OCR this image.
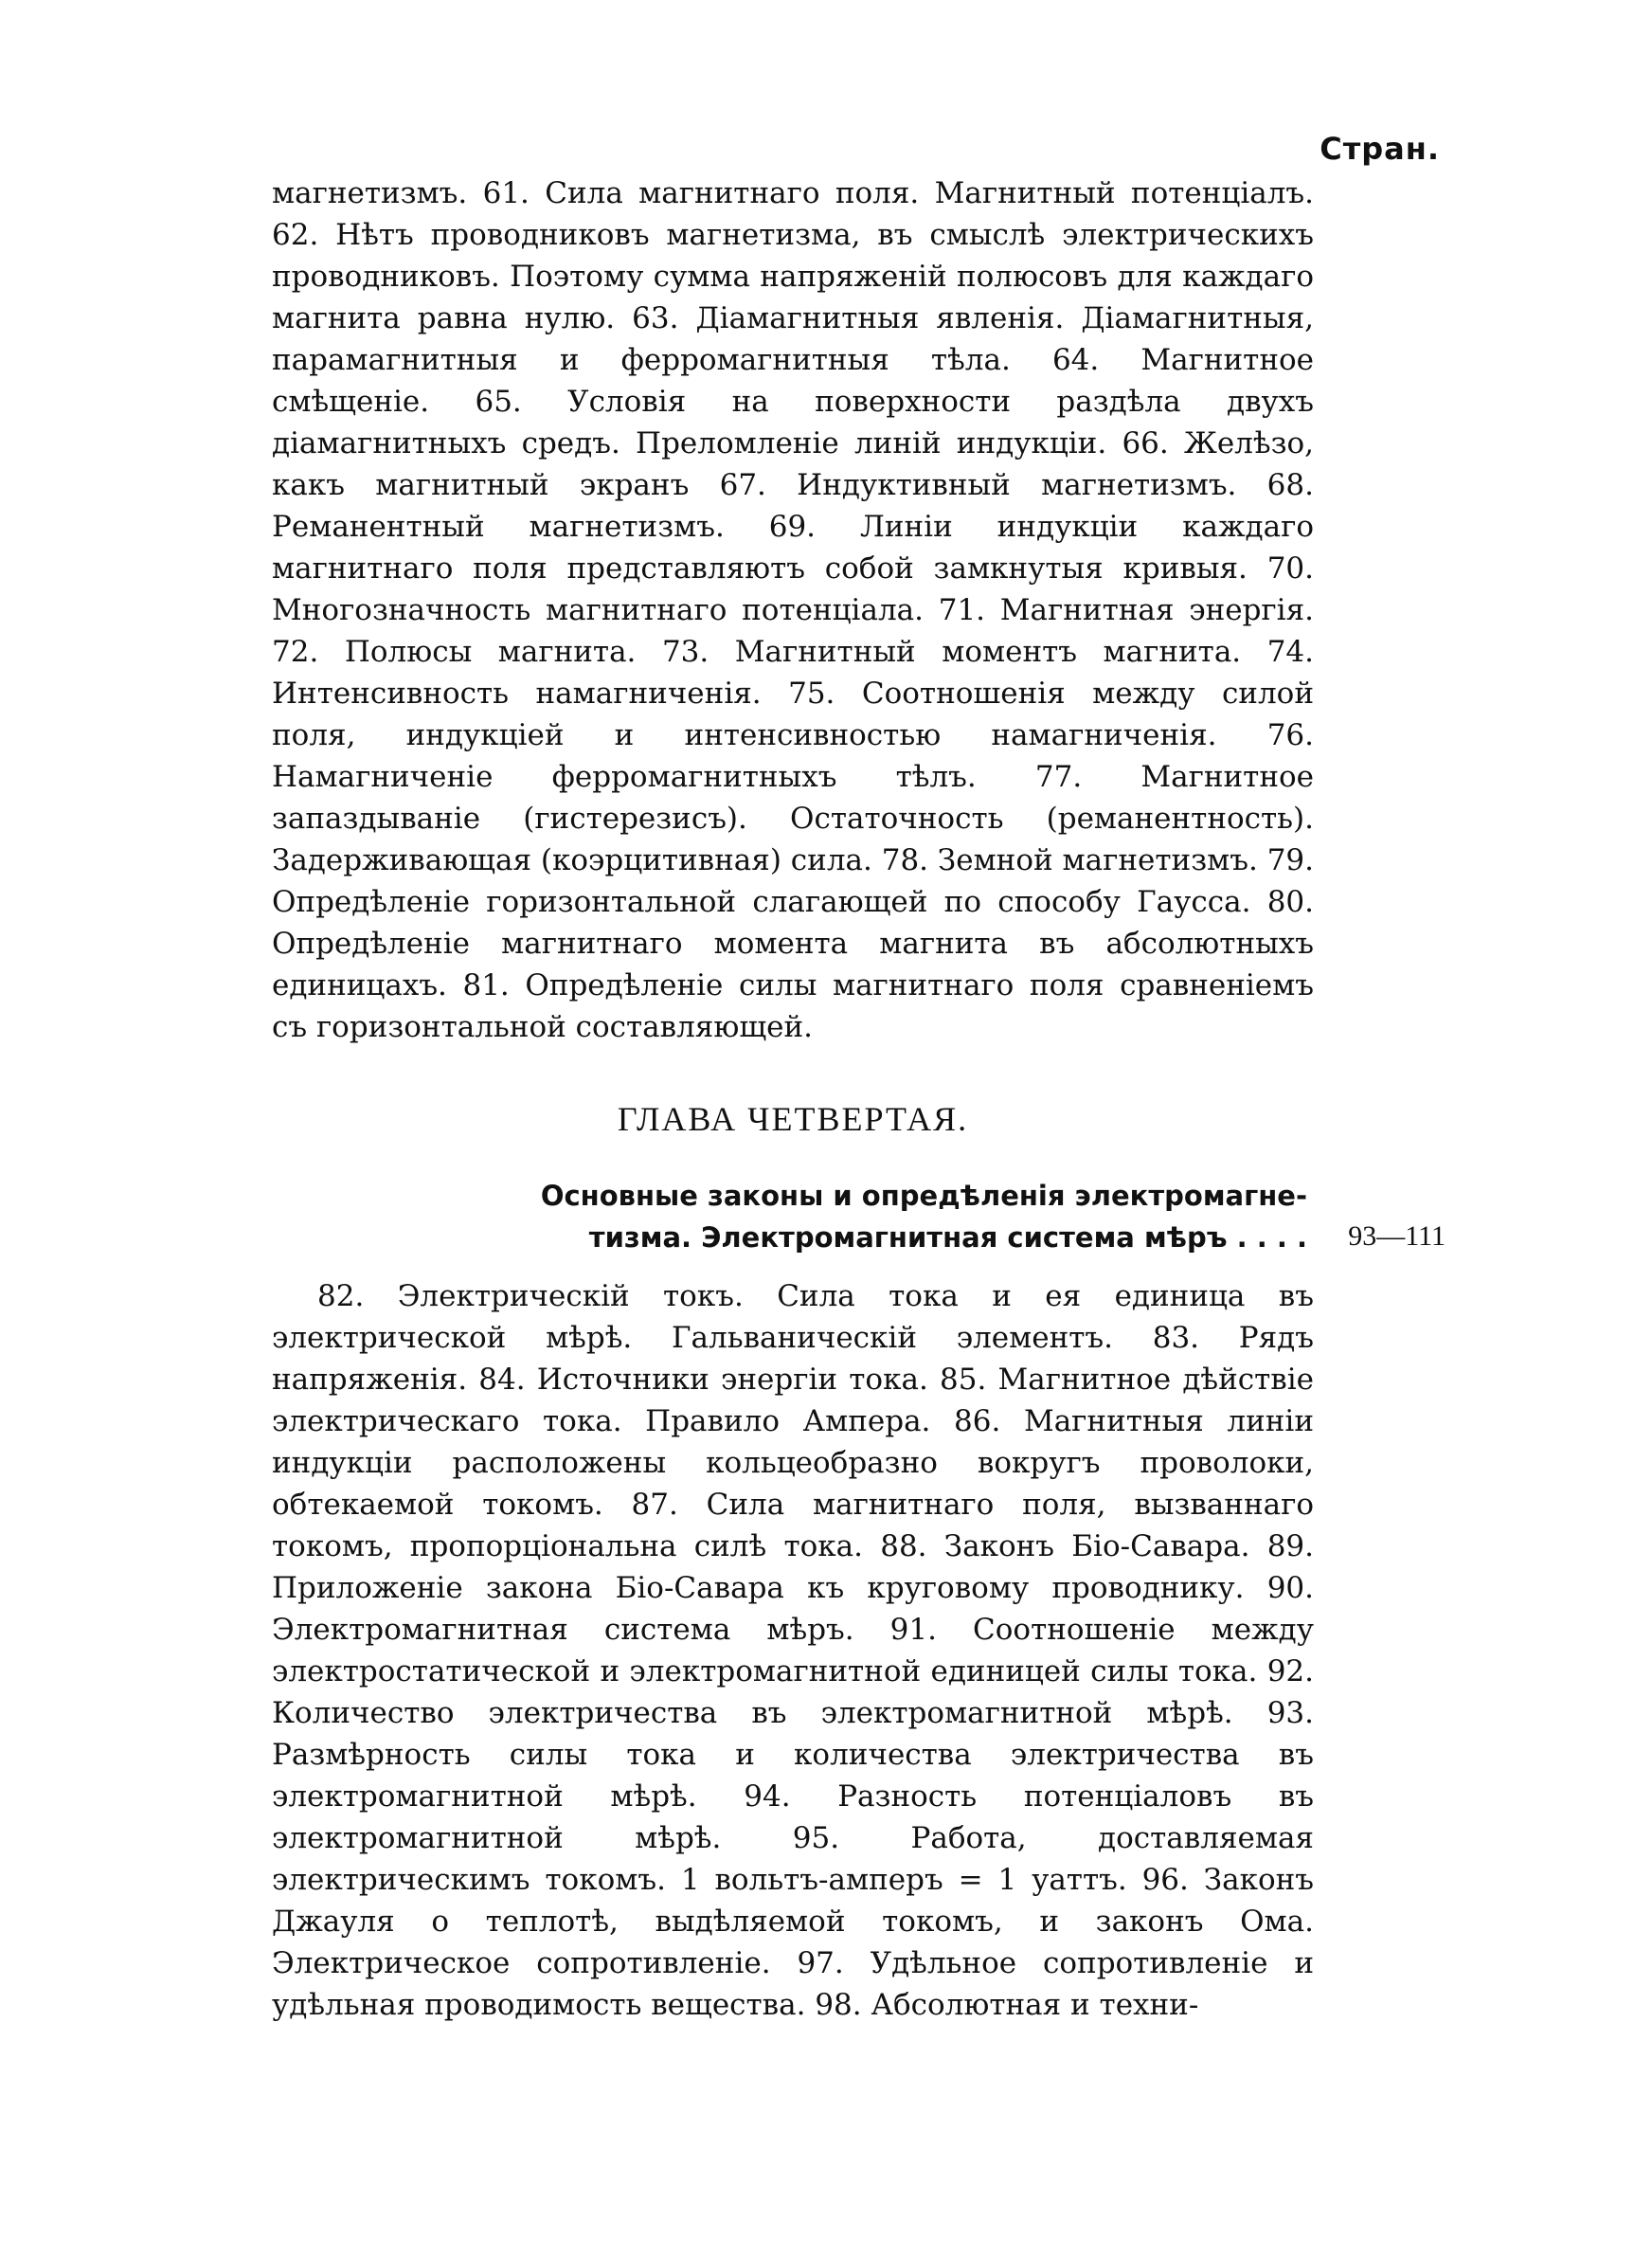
Стран.

магнетизмъ. 61. Сила магнитнаго поля. Магнитный потенціалъ. 62. Нѣтъ проводниковъ магнетизма, въ смыслѣ электрическихъ проводниковъ. Поэтому сумма напряженій полюсовъ для каждаго магнита равна нулю. 63. Діамагнитныя явленія. Діамагнитныя, парамагнитныя и ферромагнитныя тѣла. 64. Магнитное смѣщеніе. 65. Условія на поверхности раздѣла двухъ діамагнитныхъ средъ. Преломленіе линій индукціи. 66. Желѣзо, какъ магнитный экранъ 67. Индуктивный магнетизмъ. 68. Реманентный магнетизмъ. 69. Линіи индукціи каждаго магнитнаго поля представляютъ собой замкнутыя кривыя. 70. Многозначность магнитнаго потенціала. 71. Магнитная энергія. 72. Полюсы магнита. 73. Магнитный моментъ магнита. 74. Интенсивность намагниченія. 75. Соотношенія между силой поля, индукціей и интенсивностью намагниченія. 76. Намагниченіе ферромагнитныхъ тѣлъ. 77. Магнитное запаздываніе (гистерезисъ). Остаточность (реманентность). Задерживающая (коэрцитивная) сила. 78. Земной магнетизмъ. 79. Опредѣленіе горизонтальной слагающей по способу Гаусса. 80. Опредѣленіе магнитнаго момента магнита въ абсолютныхъ единицахъ. 81. Опредѣленіе силы магнитнаго поля сравненіемъ съ горизонтальной составляющей.

ГЛАВА ЧЕТВЕРТАЯ.
Основные законы и опредѣленія электромагне-
тизма. Электромагнитная система мѣръ . . . . 93—111

82. Электрическій токъ. Сила тока и ея единица въ электрической мѣрѣ. Гальваническій элементъ. 83. Рядъ напряженія. 84. Источники энергіи тока. 85. Магнитное дѣйствіе электрическаго тока. Правило Ампера. 86. Магнитныя линіи индукціи расположены кольцеобразно вокругъ проволоки, обтекаемой токомъ. 87. Сила магнитнаго поля, вызваннаго токомъ, пропорціональна силѣ тока. 88. Законъ Біо-Савара. 89. Приложеніе закона Біо-Савара къ круговому проводнику. 90. Электромагнитная система мѣръ. 91. Соотношеніе между электростатической и электромагнитной единицей силы тока. 92. Количество электричества въ электромагнитной мѣрѣ. 93. Размѣрность силы тока и количества электричества въ электромагнитной мѣрѣ. 94. Разность потенціаловъ въ электромагнитной мѣрѣ. 95. Работа, доставляемая электрическимъ токомъ. 1 вольтъ-амперъ = 1 уаттъ. 96. Законъ Джауля о теплотѣ, выдѣляемой токомъ, и законъ Ома. Электрическое сопротивленіе. 97. Удѣльное сопротивленіе и удѣльная проводимость вещества. 98. Абсолютная и техни-
